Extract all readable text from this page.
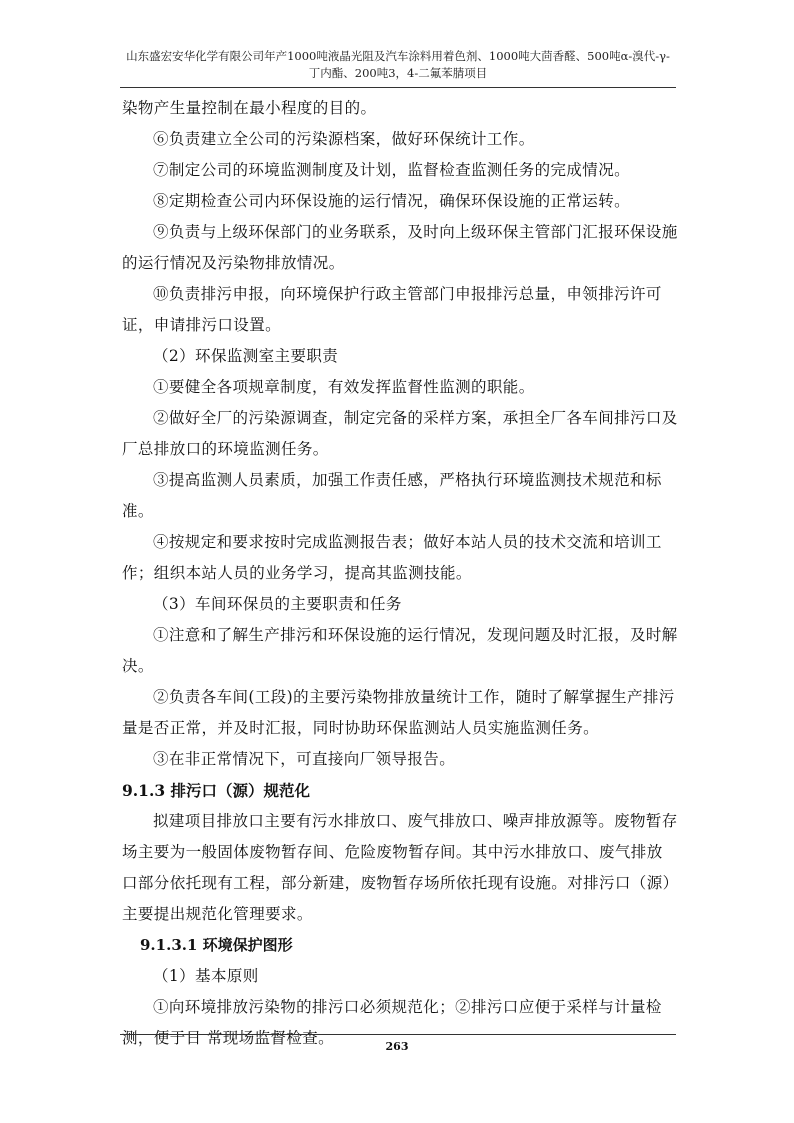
山东盛宏安华化学有限公司年产1000吨液晶光阻及汽车涂料用着色剂、1000吨大茴香醛、500吨α-溴代-γ-
丁内酯、200吨3，4-二氟苯腈项目

染物产生量控制在最小程度的目的。

⑥负责建立全公司的污染源档案，做好环保统计工作。

⑦制定公司的环境监测制度及计划，监督检查监测任务的完成情况。

⑧定期检查公司内环保设施的运行情况，确保环保设施的正常运转。

⑨负责与上级环保部门的业务联系，及时向上级环保主管部门汇报环保设施的运行情况及污染物排放情况。

⑩负责排污申报，向环境保护行政主管部门申报排污总量，申领排污许可证，申请排污口设置。

（2）环保监测室主要职责

①要健全各项规章制度，有效发挥监督性监测的职能。

②做好全厂的污染源调查，制定完备的采样方案，承担全厂各车间排污口及厂总排放口的环境监测任务。

③提高监测人员素质，加强工作责任感，严格执行环境监测技术规范和标准。

④按规定和要求按时完成监测报告表；做好本站人员的技术交流和培训工作；组织本站人员的业务学习，提高其监测技能。

（3）车间环保员的主要职责和任务

①注意和了解生产排污和环保设施的运行情况，发现问题及时汇报，及时解决。

②负责各车间(工段)的主要污染物排放量统计工作，随时了解掌握生产排污量是否正常，并及时汇报，同时协助环保监测站人员实施监测任务。

③在非正常情况下，可直接向厂领导报告。

9.1.3 排污口（源）规范化

拟建项目排放口主要有污水排放口、废气排放口、噪声排放源等。废物暂存场主要为一般固体废物暂存间、危险废物暂存间。其中污水排放口、废气排放口部分依托现有工程，部分新建，废物暂存场所依托现有设施。对排污口（源）主要提出规范化管理要求。

9.1.3.1 环境保护图形

（1）基本原则

①向环境排放污染物的排污口必须规范化；②排污口应便于采样与计量检测，便于日 常现场监督检查。	263
